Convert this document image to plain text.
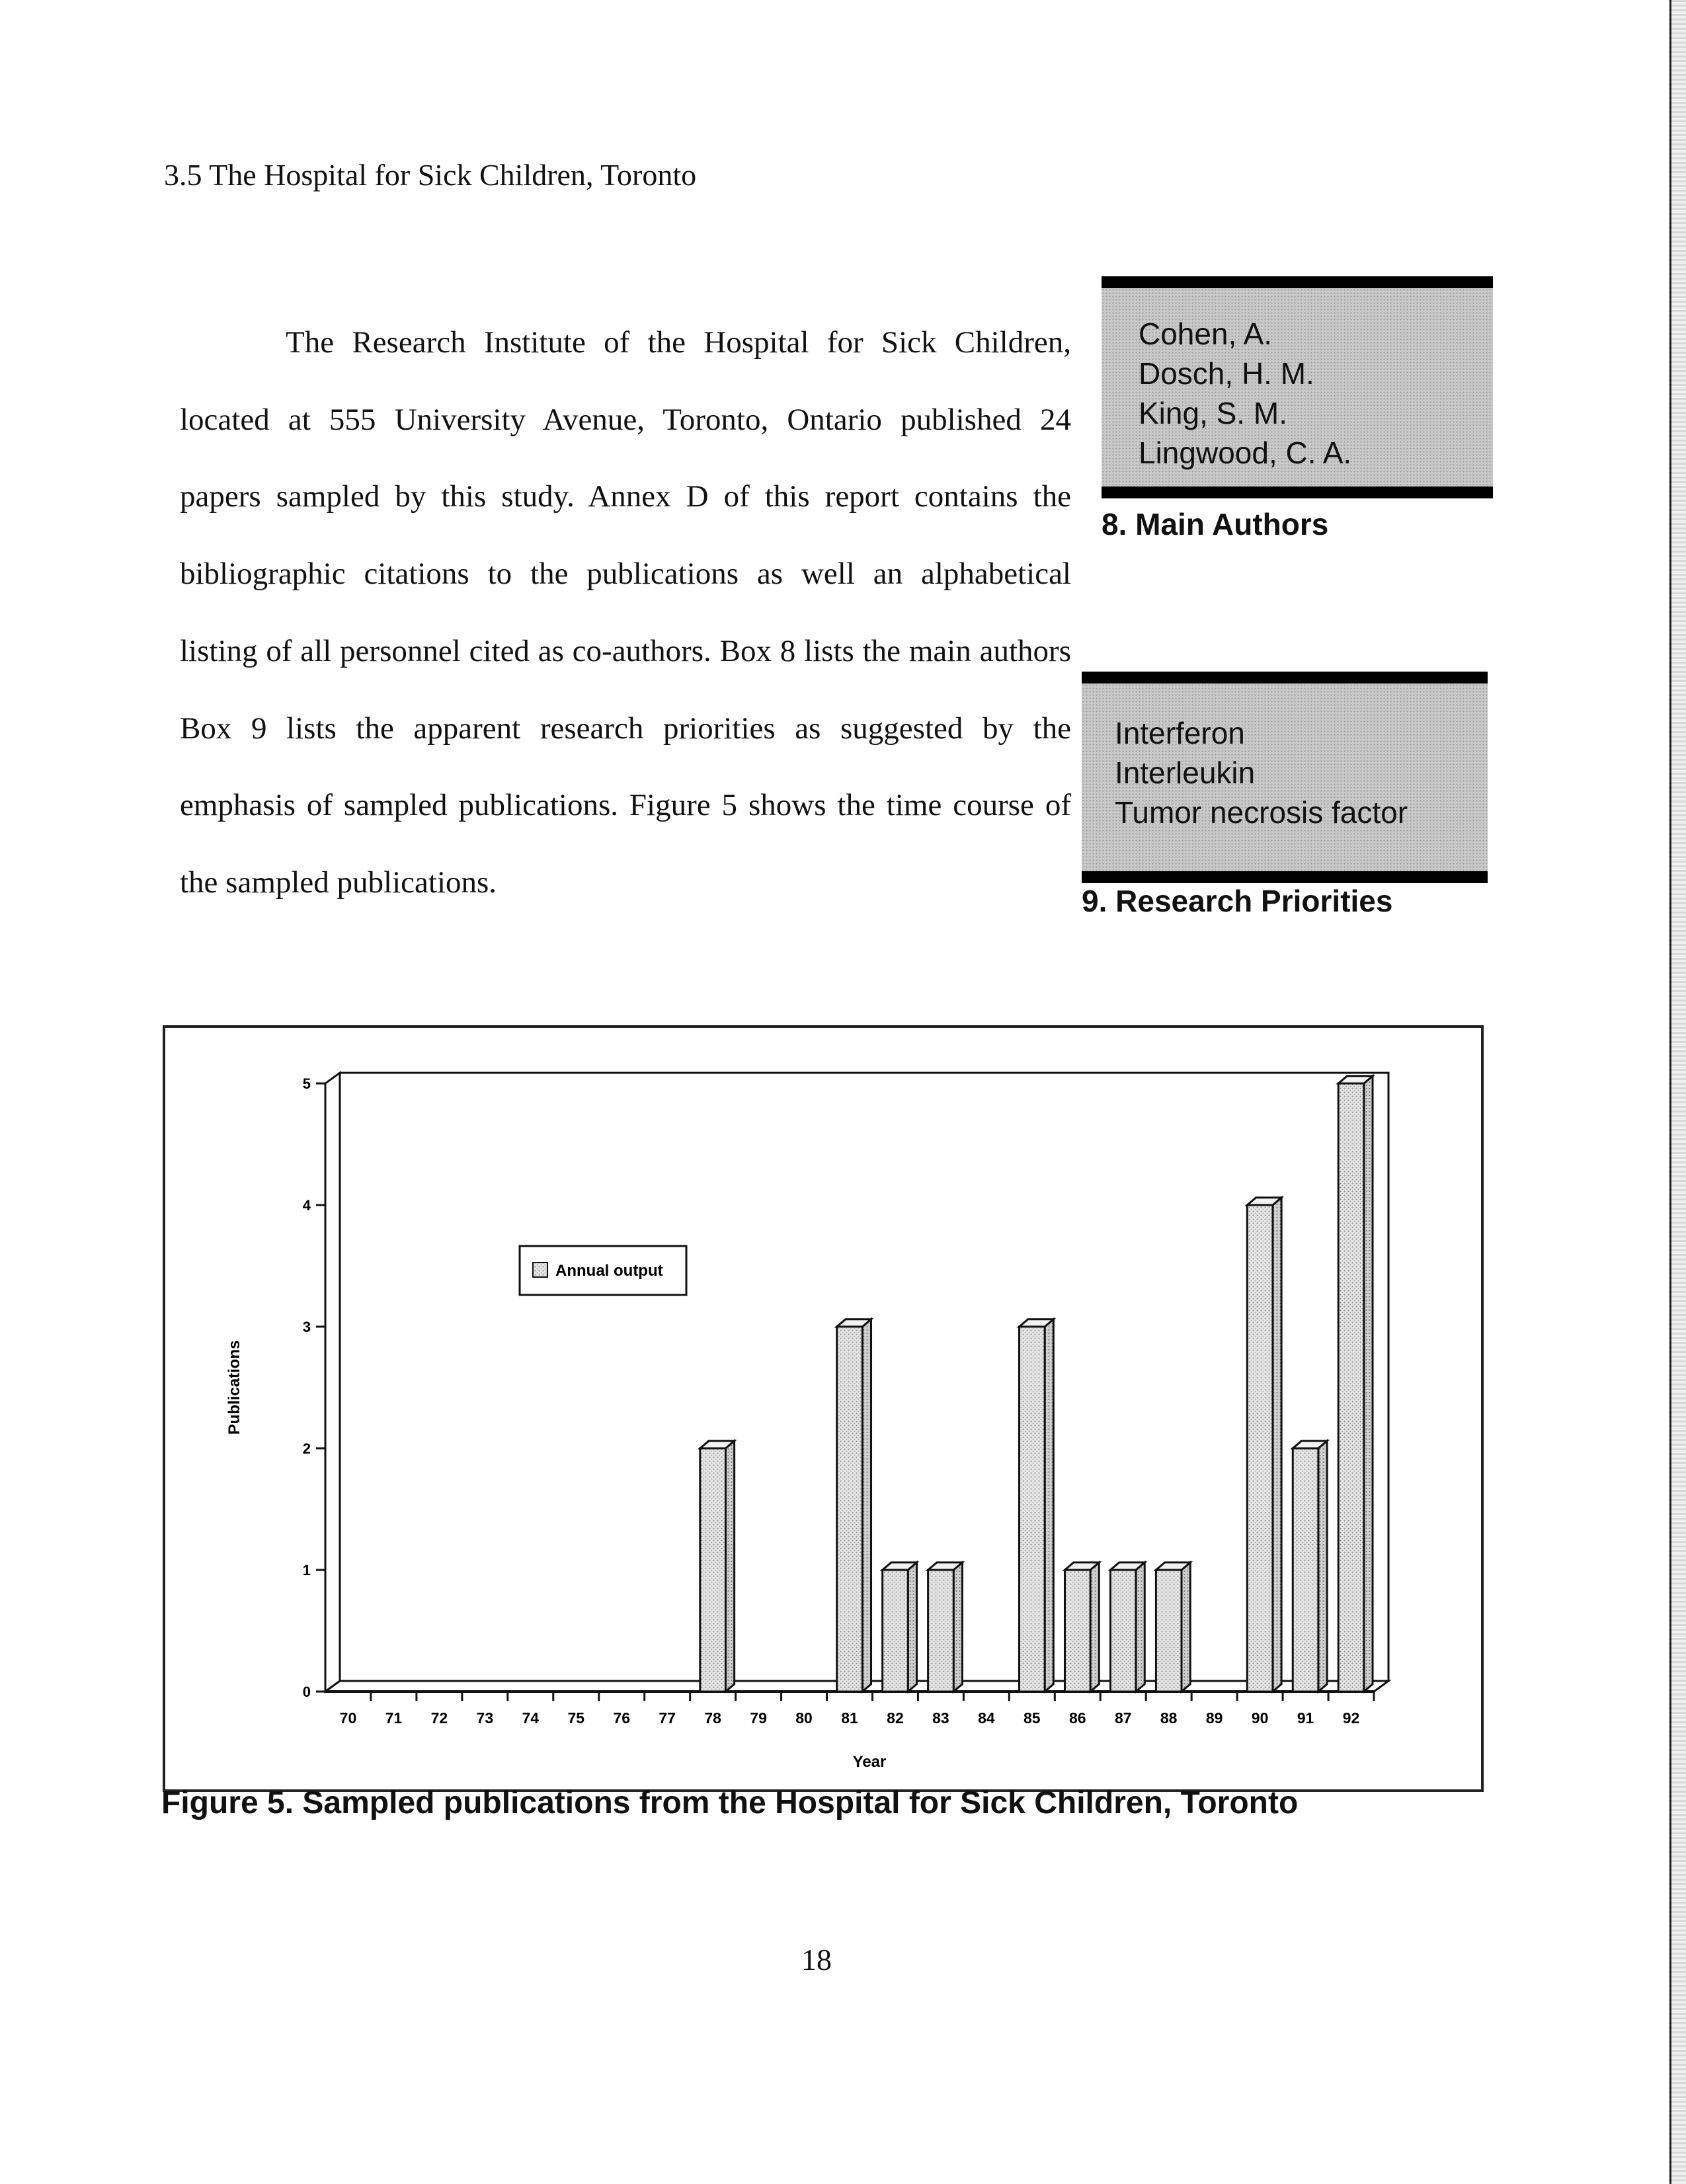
3.5 The Hospital for Sick Children, Toronto
The Research Institute of the Hospital for Sick Children, located at 555 University Avenue, Toronto, Ontario published 24 papers sampled by this study. Annex D of this report contains the bibliographic citations to the publications as well an alphabetical listing of all personnel cited as co-authors. Box 8 lists the main authors Box 9 lists the apparent research priorities as suggested by the emphasis of sampled publications. Figure 5 shows the time course of the sampled publications.
Cohen, A.
Dosch, H. M.
King, S. M.
Lingwood, C. A.
8. Main Authors
Interferon
Interleukin
Tumor necrosis factor
9. Research Priorities
0
1
2
3
4
5
70 71 72 73 74 75 76 77 78 79 80 81 82 83 84 85 86 87 88 89 90 91 92
Annual output
Year
Publications
Figure 5. Sampled publications from the Hospital for Sick Children, Toronto
18
